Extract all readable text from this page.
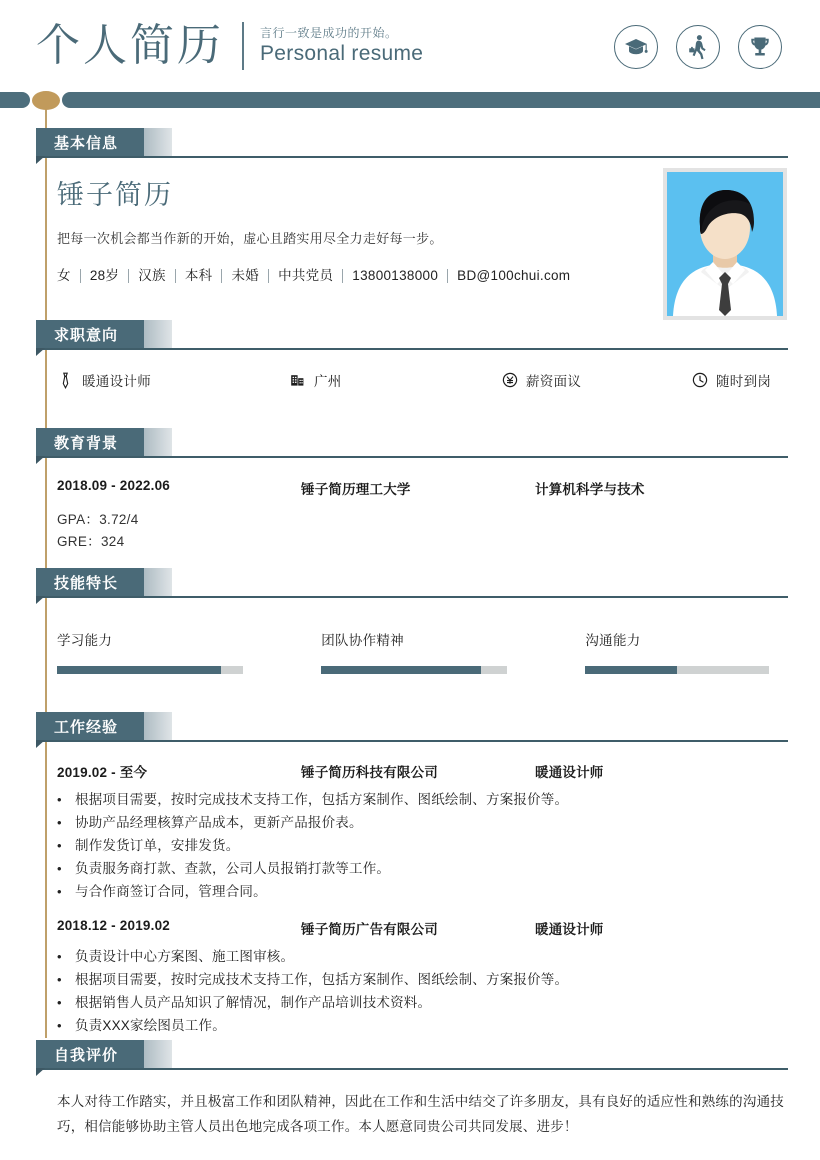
个人简历	言行一致是成功的开始。
Personal resume
基本信息
锤子简历
把每一次机会都当作新的开始，虚心且踏实用尽全力走好每一步。
女 28岁 汉族 本科 未婚 中共党员 13800138000 BD@100chui.com
求职意向
暖通设计师	广州	薪资面议	随时到岗
教育背景
2018.09 - 2022.06	锤子简历理工大学	计算机科学与技术
GPA：3.72/4
GRE：324
技能特长
学习能力	团队协作精神	沟通能力
工作经验
2019.02 - 至今	锤子简历科技有限公司	暖通设计师
• 根据项目需要，按时完成技术支持工作，包括方案制作、图纸绘制、方案报价等。
• 协助产品经理核算产品成本，更新产品报价表。
• 制作发货订单，安排发货。
• 负责服务商打款、查款，公司人员报销打款等工作。
• 与合作商签订合同，管理合同。
2018.12 - 2019.02	锤子简历广告有限公司	暖通设计师
• 负责设计中心方案图、施工图审核。
• 根据项目需要，按时完成技术支持工作，包括方案制作、图纸绘制、方案报价等。
• 根据销售人员产品知识了解情况，制作产品培训技术资料。
• 负责XXX家绘图员工作。
自我评价
本人对待工作踏实，并且极富工作和团队精神，因此在工作和生活中结交了许多朋友，具有良好的适应性和熟练的沟通技巧，相信能够协助主管人员出色地完成各项工作。本人愿意同贵公司共同发展、进步！
